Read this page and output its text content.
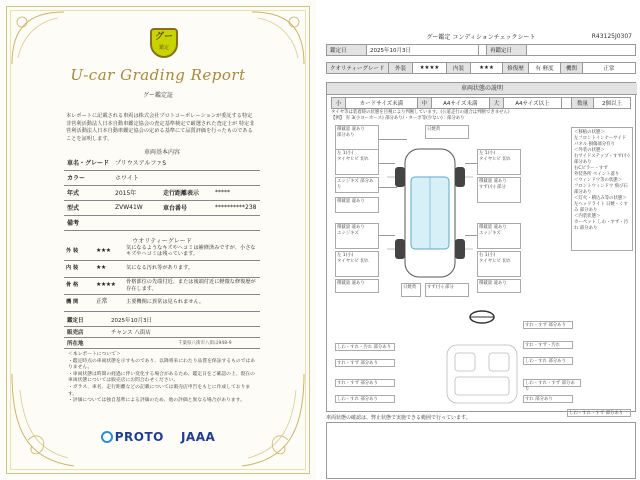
グー
鑑定
U-car Grading Report
グー鑑定証
本レポートに記載される車両は株式会社プロトコーポレーションが委託する特定非営利活動法人日本自動車鑑定協会の査定基準検定で厳選された査定士が 特定非営利活動法人日本自動車鑑定協会の定める基準にて品質評価を行ったものであることを証明します。
車両基本内容
車名・グレード	プリウスアルファS		
カラー	ホワイト		
年式	2015年	走行距離表示	*****
型式	ZVW41W	車台番号	**********238
備考			
ウオリティーグレード
外 装	★★★	気になるようなキズやヘコミは補修済みですが、小さなキズやヘコミは残っています。
内 装	★★	気になる汚れ等があります。
骨 格	★★★★	骨格部位の先端付近、または後端付近に軽微な修復歴が存在します。
機 関	正常	主要機関に異常は見られません。
鑑定日	2025年10月3日
販売店	チャンス 八街店
所在地	千葉県八街市八街ほ948-9
＜本レポートについて＞
・鑑定時点の車両状態を示すものであり、以降将来にわたり品質を保証するものではありません。
・車両状態は時間の経過に伴い変化する場合があるため、鑑定日をご確認の上、現在の車両状態については販売店にお問合わせください。
・ガラス、車名、走行距離などの記載については販売店申告をもとに作成しております。
・評価については独自基準による評価のため、他の評価と異なる場合があります。
PROTO JAAA
R43125J0307
グー鑑定 コンディションチェックシート
鑑定日	2025年10月3日		再鑑定日	
クオリティーグレード	外装	★★★★	内装	★★★	修復歴	有 軽度	機関	正常
車両状態の説明
小	カードサイズ未満	中	A4サイズ未満	大	A4サイズ以上		数量	2個以上
タイヤ等は装着時の状態を目視により判断しています。(公道走行の適合は判断できません)
【例】 有 3(小ヨーホース) 部分あり/・ターボ等(少ない) : 部分あり
積載量 違あり
部分あり
左 1(小)
タイヤヒビ 切れ
エッジキズ 部分あり
積載量 違あり
積載量 違あり
エッジキズ
左 1(小)
タイヤヒビ 切れ
積載量 違あり
日焼黄
左 1(小)
タイヤヒビ 切れ
積載量 違あり
すず(小) 部分
積載量 違あり
エッジキズ
右 1(小)
タイヤヒビ 切れ
積載量 違あり
日焼黄	すず(小) 部分
＜移植の状態＞
左フロントインナーサイドパネル 損傷部分有り
＜外装の状態＞
右サイドステップ・すず(小) 部分あり
右Cピラー・すず
外装各所 ペイント落り
＜ウィンドウ等の状態＞
フロントウィンドウ 飛び石 部分あり
＜灯火・積込み等の状態＞
左ヘッドライト 日焼・くすみ 部分あり
＜内装状態＞
カーペット しわ・すず・汚れ 部分あり
すれ・すず 部分あり
しわ・すれ・汚れ 部分あり
すれ・すず 部分あり
すれ・すず・汚れ
しわ・すれ 部分あり
すれ・すず 部分あり
しわ・すれ 部分あり
しわ・すれ・すず 部分あり
すれ 部分あり
しわ・すれ・すず 部分あり
車両状態の確認は、弊止状態で実施できる範囲で行っています。
